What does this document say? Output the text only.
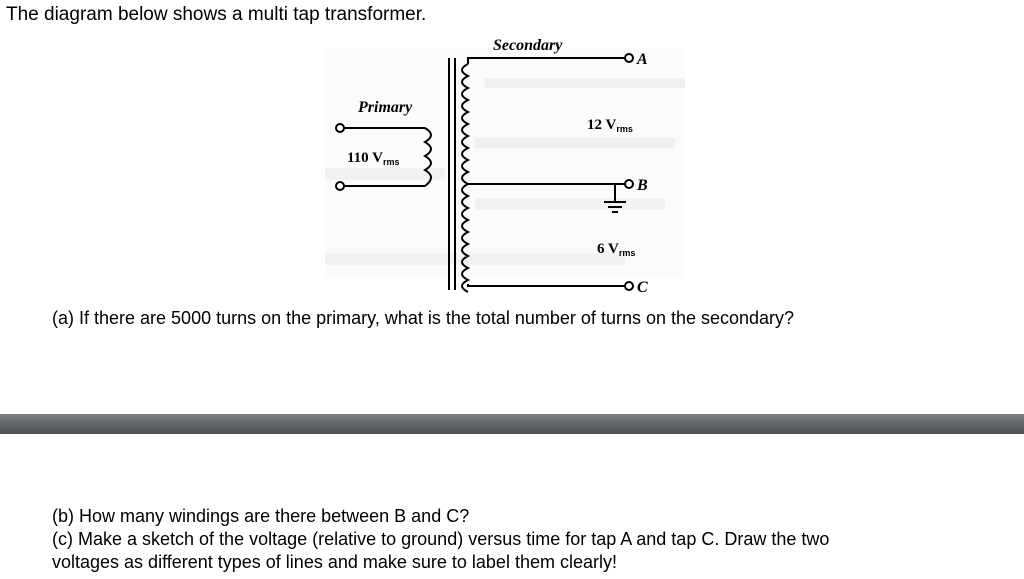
The diagram below shows a multi tap transformer.
Primary
Secondary
110 $V_{rms}$
12 $V_{rms}$
6 $V_{rms}$
A
B
C

(a) If there are 5000 turns on the primary, what is the total number of turns on the secondary?

(b) How many windings are there between B and C?
(c) Make a sketch of the voltage (relative to ground) versus time for tap A and tap C. Draw the two
voltages as different types of lines and make sure to label them clearly!
